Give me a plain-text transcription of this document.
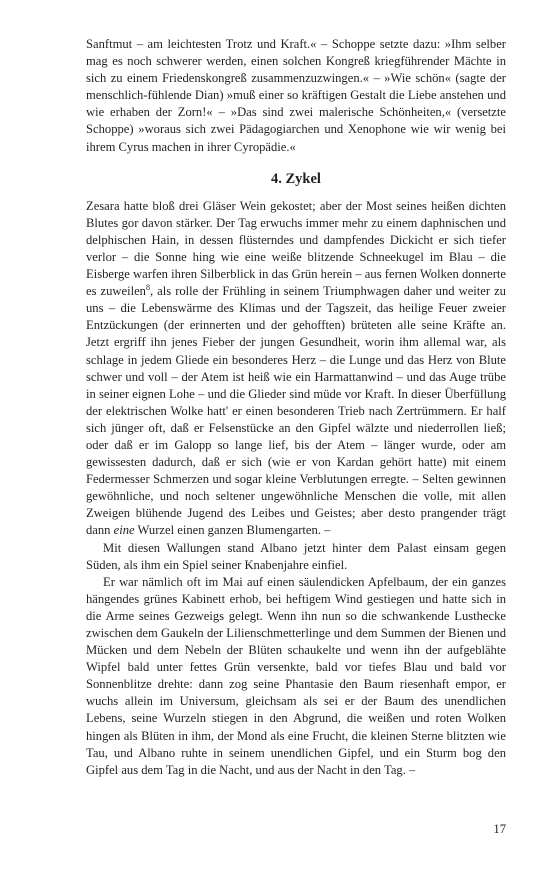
Sanftmut – am leichtesten Trotz und Kraft.« – Schoppe setzte dazu: »Ihm selber mag es noch schwerer werden, einen solchen Kongreß kriegführender Mächte in sich zu einem Friedenskongreß zusammenzuzwingen.« – »Wie schön« (sagte der menschlich-fühlende Dian) »muß einer so kräftigen Gestalt die Liebe anstehen und wie erhaben der Zorn!« – »Das sind zwei malerische Schönheiten,« (versetzte Schoppe) »woraus sich zwei Pädagogiarchen und Xenophone wie wir wenig bei ihrem Cyrus machen in ihrer Cyropädie.«

4. Zykel

Zesara hatte bloß drei Gläser Wein gekostet; aber der Most seines heißen dichten Blutes gor davon stärker. Der Tag erwuchs immer mehr zu einem daphnischen und delphischen Hain, in dessen flüsterndes und dampfendes Dickicht er sich tiefer verlor – die Sonne hing wie eine weiße blitzende Schneekugel im Blau – die Eisberge warfen ihren Silberblick in das Grün herein – aus fernen Wolken donnerte es zuweilen$^8$, als rolle der Frühling in seinem Triumphwagen daher und weiter zu uns – die Lebenswärme des Klimas und der Tagszeit, das heilige Feuer zweier Entzückungen (der erinnerten und der gehofften) brüteten alle seine Kräfte an. Jetzt ergriff ihn jenes Fieber der jungen Gesundheit, worin ihm allemal war, als schlage in jedem Gliede ein besonderes Herz – die Lunge und das Herz von Blute schwer und voll – der Atem ist heiß wie ein Harmattanwind – und das Auge trübe in seiner eignen Lohe – und die Glieder sind müde vor Kraft. In dieser Überfüllung der elektrischen Wolke hatt' er einen besonderen Trieb nach Zertrümmern. Er half sich jünger oft, daß er Felsenstücke an den Gipfel wälzte und niederrollen ließ; oder daß er im Galopp so lange lief, bis der Atem – länger wurde, oder am gewissesten dadurch, daß er sich (wie er von Kardan gehört hatte) mit einem Federmesser Schmerzen und sogar kleine Verblutungen erregte. – Selten gewinnen gewöhnliche, und noch seltener ungewöhnliche Menschen die volle, mit allen Zweigen blühende Jugend des Leibes und Geistes; aber desto prangender trägt dann eine Wurzel einen ganzen Blumengarten. –

Mit diesen Wallungen stand Albano jetzt hinter dem Palast einsam gegen Süden, als ihm ein Spiel seiner Knabenjahre einfiel.

Er war nämlich oft im Mai auf einen säulendicken Apfelbaum, der ein ganzes hängendes grünes Kabinett erhob, bei heftigem Wind gestiegen und hatte sich in die Arme seines Gezweigs gelegt. Wenn ihn nun so die schwankende Lusthecke zwischen dem Gaukeln der Lilienschmetterlinge und dem Summen der Bienen und Mücken und dem Nebeln der Blüten schaukelte und wenn ihn der aufgeblähte Wipfel bald unter fettes Grün versenkte, bald vor tiefes Blau und bald vor Sonnenblitze drehte: dann zog seine Phantasie den Baum riesenhaft empor, er wuchs allein im Universum, gleichsam als sei er der Baum des unendlichen Lebens, seine Wurzeln stiegen in den Abgrund, die weißen und roten Wolken hingen als Blüten in ihm, der Mond als eine Frucht, die kleinen Sterne blitzten wie Tau, und Albano ruhte in seinem unendlichen Gipfel, und ein Sturm bog den Gipfel aus dem Tag in die Nacht, und aus der Nacht in den Tag. –

17
